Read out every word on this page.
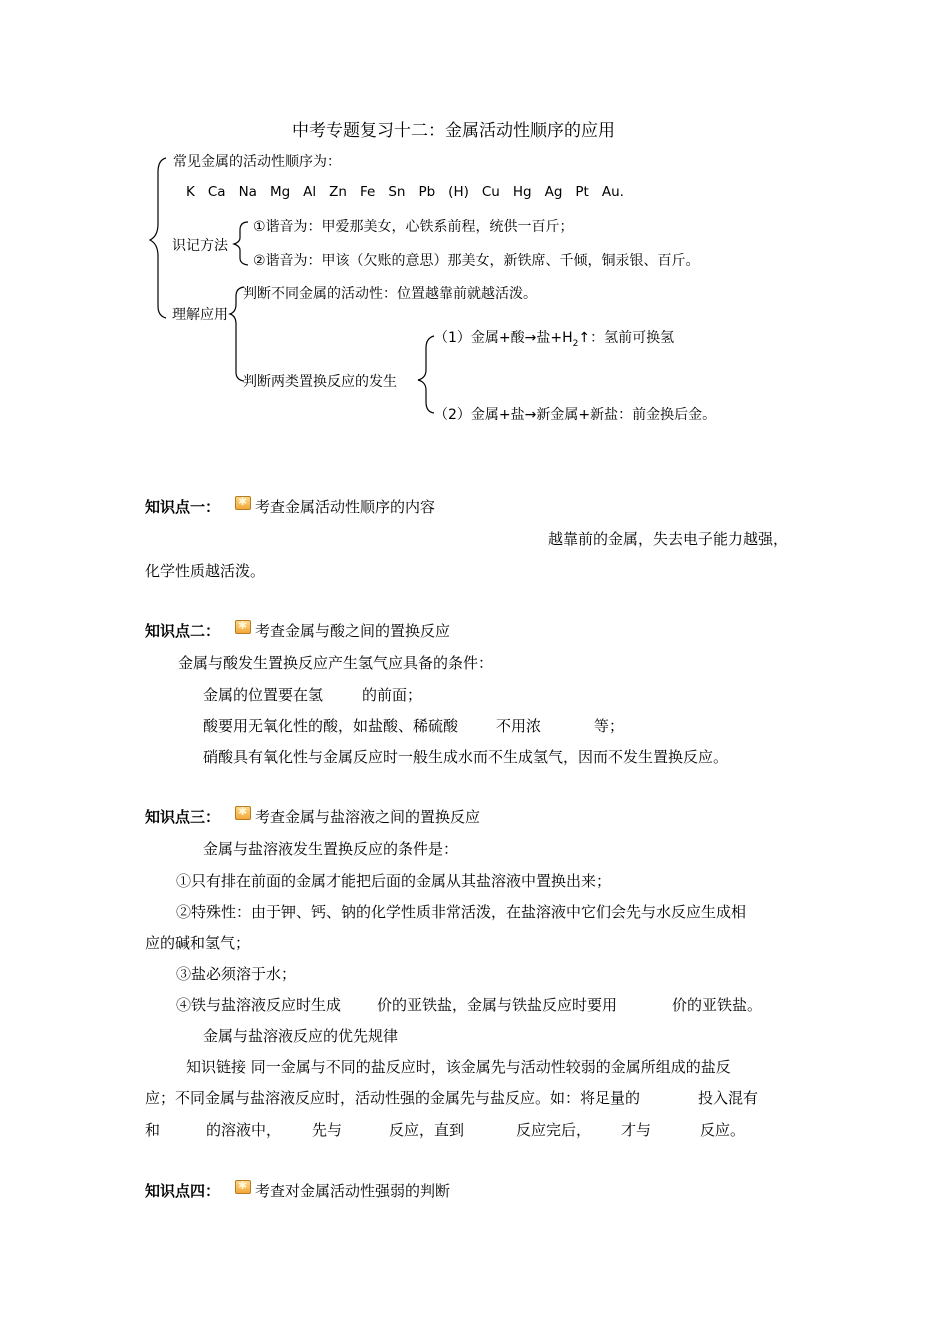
中考专题复习十二：金属活动性顺序的应用
常见金属的活动性顺序为：
K Ca Na Mg Al Zn Fe Sn Pb (H) Cu Hg Ag Pt Au.
识记方法
①谐音为：甲爱那美女，心铁系前程，统供一百斤；
②谐音为：甲该（欠账的意思）那美女，新铁席、千倾，铜汞银、百斤。
理解应用
判断不同金属的活动性：位置越靠前就越活泼。
判断两类置换反应的发生
（1）金属+酸→盐$+H_2↑$：氢前可换氢
（2）金属+盐→新金属+新盐：前金换后金。
知识点一： ✱ 考查金属活动性顺序的内容
越靠前的金属，失去电子能力越强，
化学性质越活泼。
知识点二： ✱ 考查金属与酸之间的置换反应
金属与酸发生置换反应产生氢气应具备的条件：
金属的位置要在氢	的前面；
酸要用无氧化性的酸，如盐酸、稀硫酸	不用浓	等；
硝酸具有氧化性与金属反应时一般生成水而不生成氢气，因而不发生置换反应。
知识点三： ✱ 考查金属与盐溶液之间的置换反应
金属与盐溶液发生置换反应的条件是：
①只有排在前面的金属才能把后面的金属从其盐溶液中置换出来；
②特殊性：由于钾、钙、钠的化学性质非常活泼，在盐溶液中它们会先与水反应生成相
应的碱和氢气；
③盐必须溶于水；
④铁与盐溶液反应时生成 价的亚铁盐，金属与铁盐反应时要用	价的亚铁盐。
金属与盐溶液反应的优先规律
知识链接 同一金属与不同的盐反应时，该金属先与活动性较弱的金属所组成的盐反
应；不同金属与盐溶液反应时，活动性强的金属先与盐反应。如：将足量的	投入混有
和	的溶液中， 先与	反应，直到	反应完后， 才与	反应。
知识点四： ✱ 考查对金属活动性强弱的判断
